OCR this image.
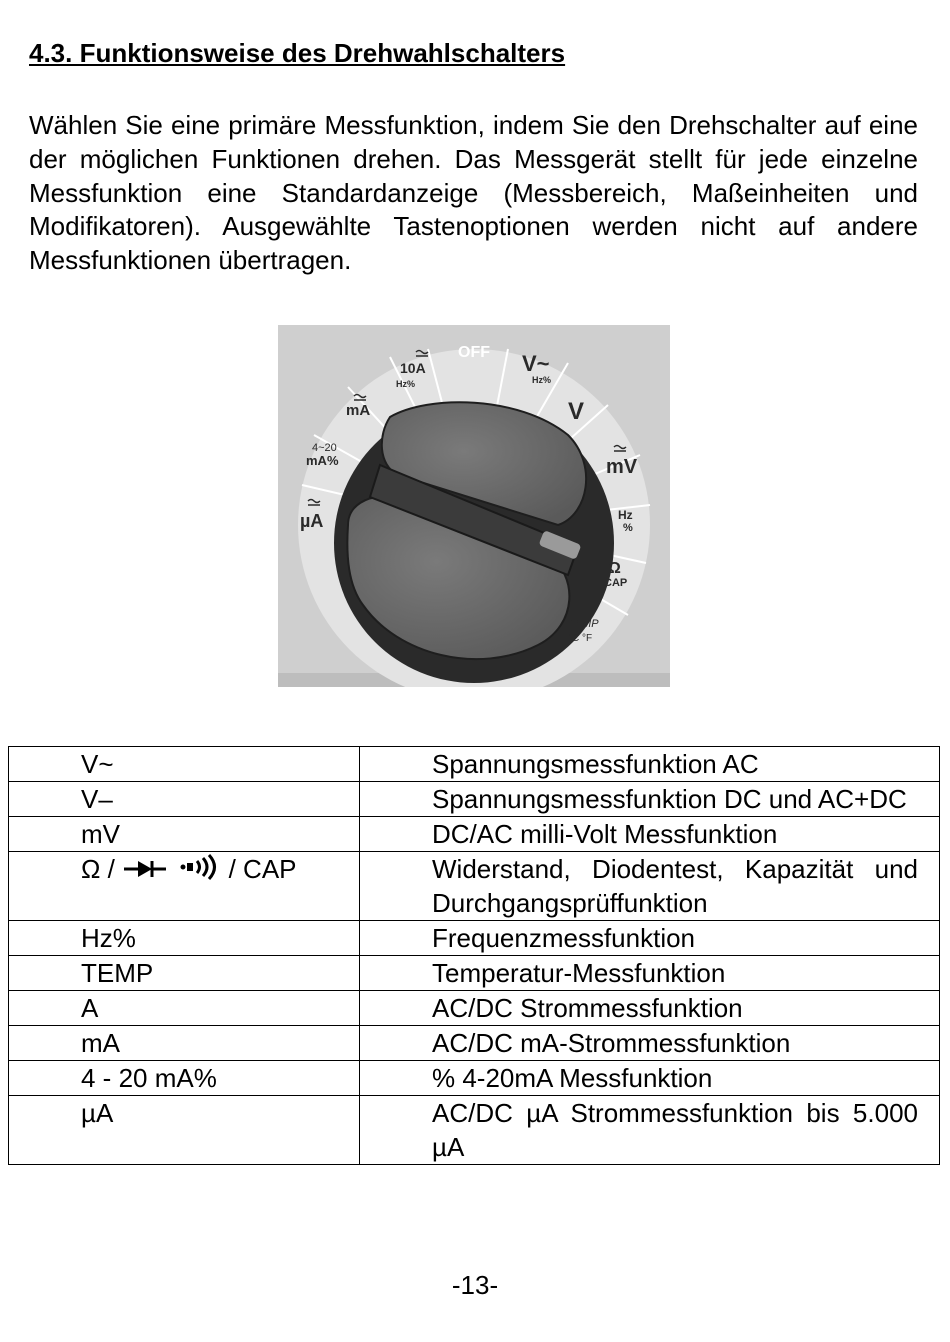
4.3. Funktionsweise des Drehwahlschalters

Wählen Sie eine primäre Messfunktion, indem Sie den Drehschalter auf eine der möglichen Funktionen drehen. Das Messgerät stellt für jede einzelne Messfunktion eine Standardanzeige (Messbereich, Maßeinheiten und Modifikatoren). Ausgewählte Tastenoptionen werden nicht auf andere Messfunktionen übertragen.

OFF
10A
Hz%
V~
Hz%
V
mV
Hz
%
Ω
CAP
TEMP
°C °F
µA
4~20
mA%
mA
V~	Spannungsmessfunktion AC
V–	Spannungsmessfunktion DC und AC+DC
mV	DC/AC milli-Volt Messfunktion
Ω / / CAP	Widerstand, Diodentest, Kapazität und Durchgangsprüffunktion
Hz%	Frequenzmessfunktion
TEMP	Temperatur-Messfunktion
A	AC/DC Strommessfunktion
mA	AC/DC mA-Strommessfunktion
4 - 20 mA%	% 4-20mA Messfunktion
µA	AC/DC µA Strommessfunktion bis 5.000 µA
-13-
